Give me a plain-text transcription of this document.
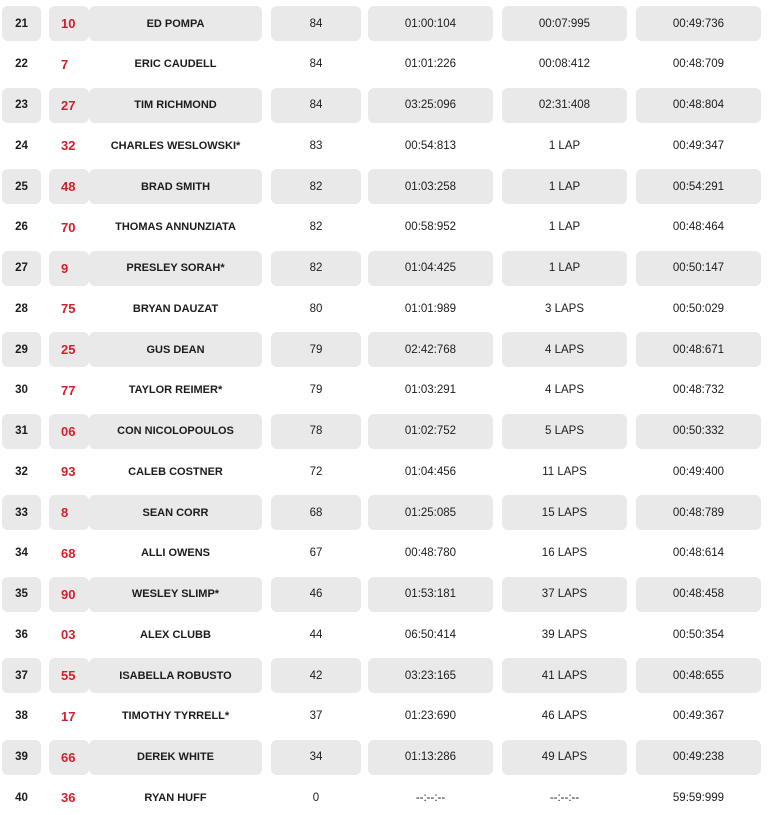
21	10	ED POMPA	84	01:00:104	00:07:995	00:49:736
22	7	ERIC CAUDELL	84	01:01:226	00:08:412	00:48:709
23	27	TIM RICHMOND	84	03:25:096	02:31:408	00:48:804
24	32	CHARLES WESLOWSKI*	83	00:54:813	1 LAP	00:49:347
25	48	BRAD SMITH	82	01:03:258	1 LAP	00:54:291
26	70	THOMAS ANNUNZIATA	82	00:58:952	1 LAP	00:48:464
27	9	PRESLEY SORAH*	82	01:04:425	1 LAP	00:50:147
28	75	BRYAN DAUZAT	80	01:01:989	3 LAPS	00:50:029
29	25	GUS DEAN	79	02:42:768	4 LAPS	00:48:671
30	77	TAYLOR REIMER*	79	01:03:291	4 LAPS	00:48:732
31	06	CON NICOLOPOULOS	78	01:02:752	5 LAPS	00:50:332
32	93	CALEB COSTNER	72	01:04:456	11 LAPS	00:49:400
33	8	SEAN CORR	68	01:25:085	15 LAPS	00:48:789
34	68	ALLI OWENS	67	00:48:780	16 LAPS	00:48:614
35	90	WESLEY SLIMP*	46	01:53:181	37 LAPS	00:48:458
36	03	ALEX CLUBB	44	06:50:414	39 LAPS	00:50:354
37	55	ISABELLA ROBUSTO	42	03:23:165	41 LAPS	00:48:655
38	17	TIMOTHY TYRRELL*	37	01:23:690	46 LAPS	00:49:367
39	66	DEREK WHITE	34	01:13:286	49 LAPS	00:49:238
40	36	RYAN HUFF	0	--:--:--	--:--:--	59:59:999
